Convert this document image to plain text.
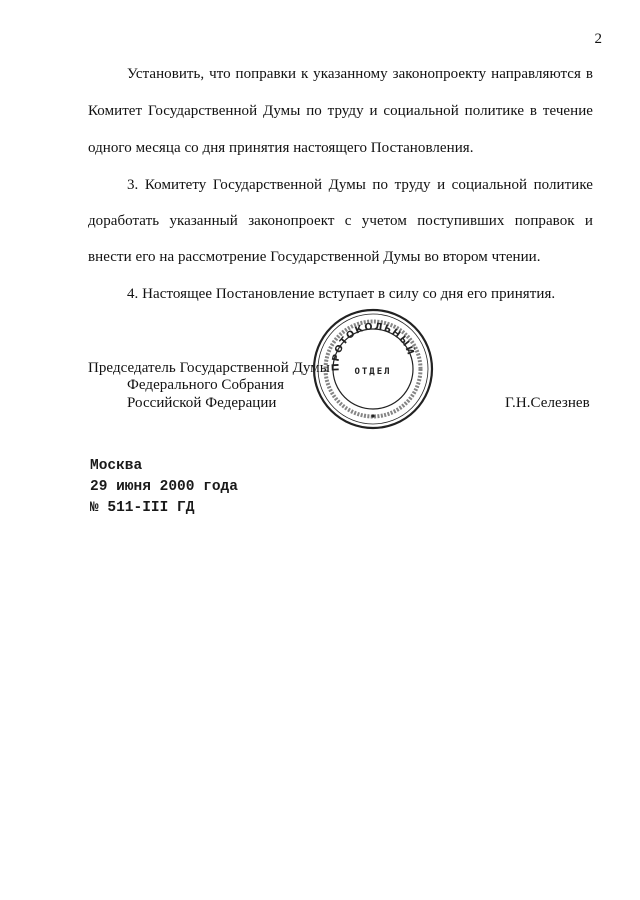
2
Установить, что поправки к указанному законопроекту направляются в
Комитет Государственной Думы по труду и социальной политике в течение
одного месяца со дня принятия настоящего Постановления.
3. Комитету Государственной Думы по труду и социальной политике
доработать указанный законопроект с учетом поступивших поправок и
внести его на рассмотрение Государственной Думы во втором чтении.
4. Настоящее Постановление вступает в силу со дня его принятия.
Председатель Государственной Думы
Федерального Собрания
Российской Федерации	Г.Н.Селезнев
ПРОТОКОЛЬНЫЙ
ОТДЕЛ
Москва
29 июня 2000 года
№ 511-III ГД
